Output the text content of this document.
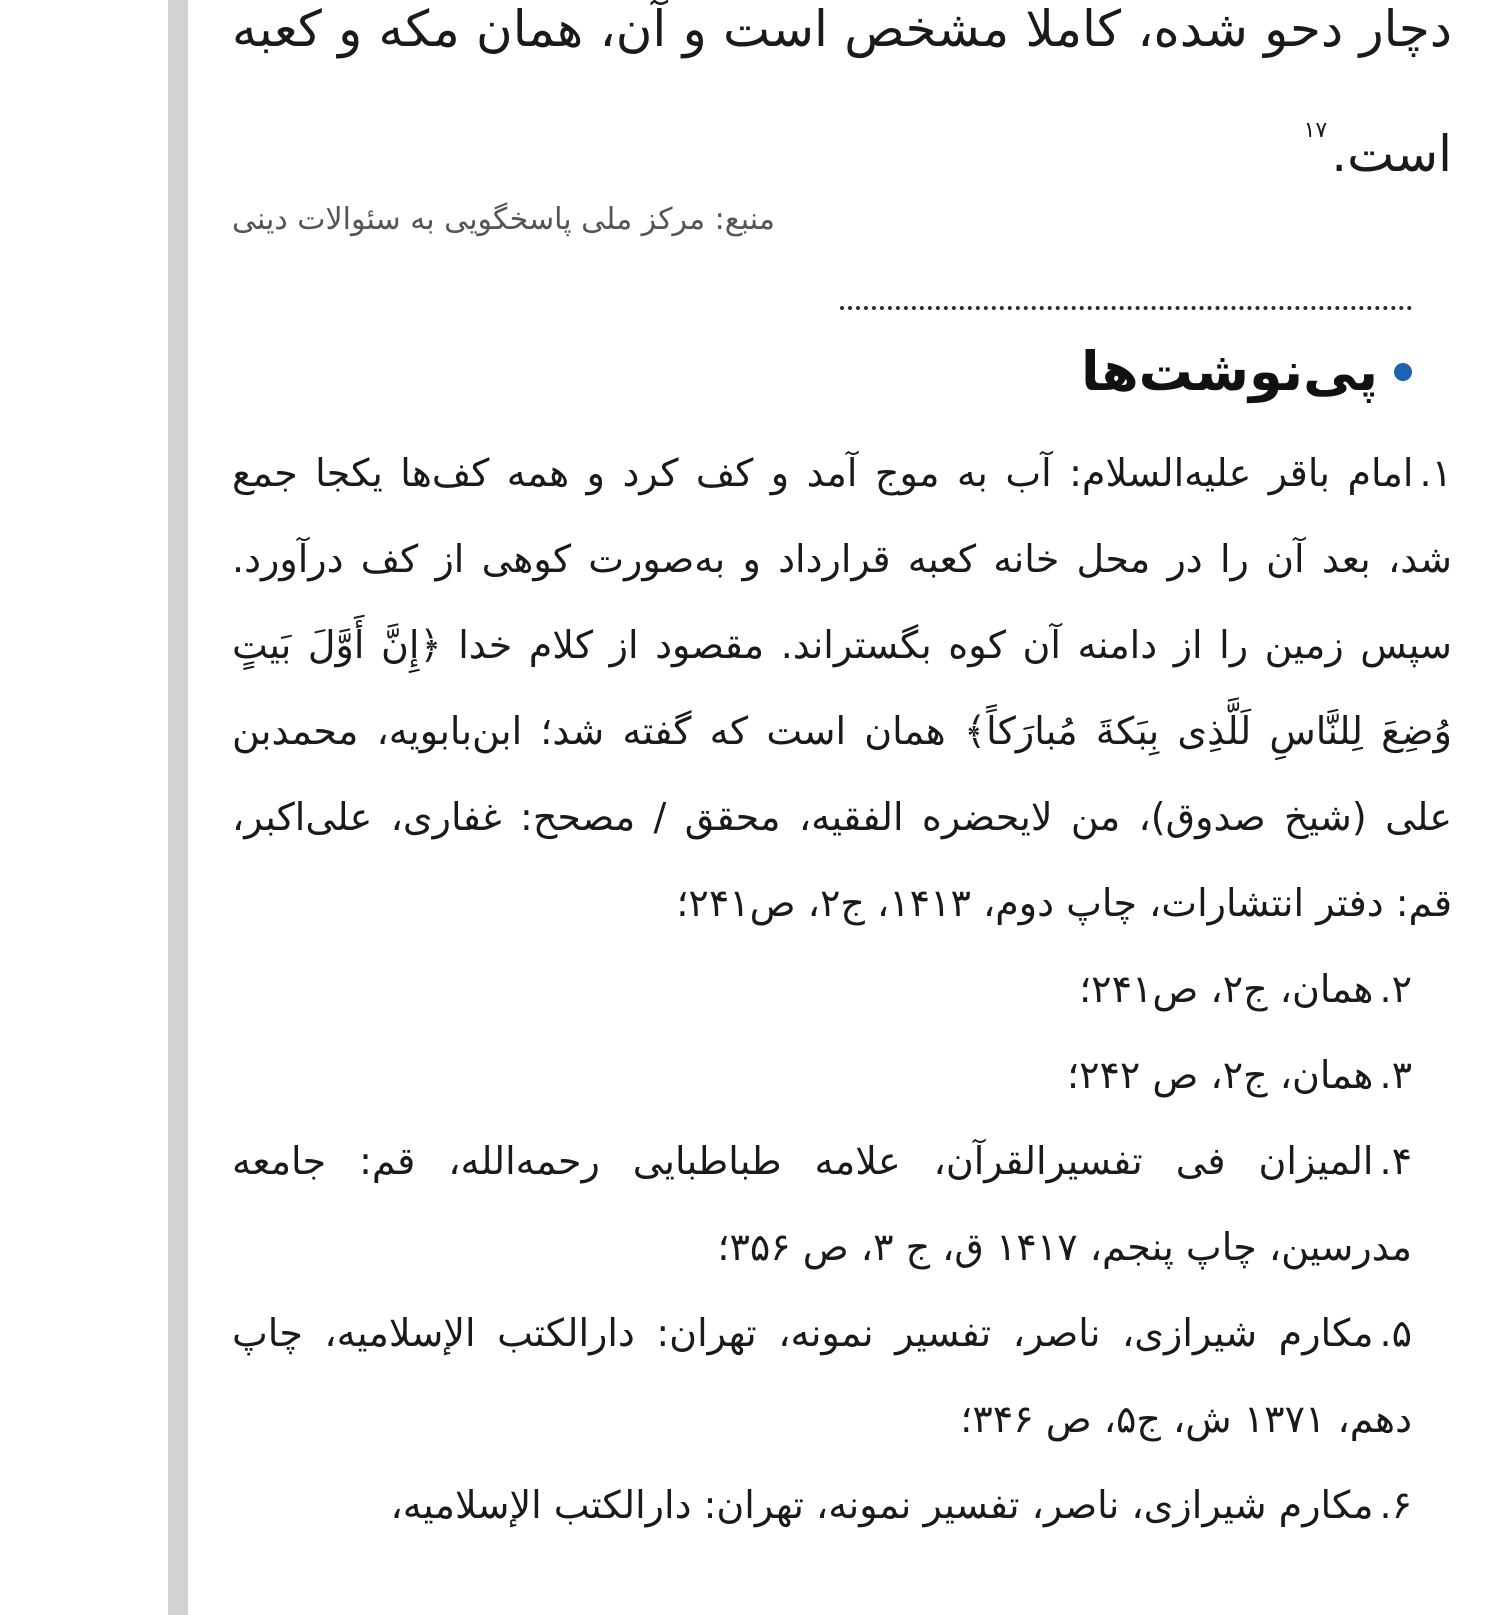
دچار دحو شده، کاملا مشخص است و آن، همان مکه و کعبه است.$^{۱۷}$

منبع: مرکز ملی پاسخگویی به سئوالات دینی
پی‌نوشت‌ها
۱.امام باقر علیه‌السلام: آب به موج آمد و کف کرد و همه کف‌ها یکجا جمع شد، بعد آن را در محل خانه کعبه قرارداد و به‌صورت کوهی از کف درآورد. سپس زمین را از دامنه آن کوه بگستراند. مقصود از کلام خدا ﴿إِنَّ أَوَّلَ بَیتٍ وُضِعَ لِلنَّاسِ لَلَّذِی بِبَکةَ مُبارَکاً﴾ همان است که گفته شد؛ ابن‌بابویه، محمدبن علی (شیخ صدوق)، من لایحضره الفقیه، محقق / مصحح: غفاری، علی‌اکبر، قم: دفتر انتشارات، چاپ دوم، ۱۴۱۳، ج۲، ص۲۴۱؛
۲.همان، ج۲، ص۲۴۱؛
۳.همان، ج۲، ص ۲۴۲؛
۴.المیزان فی تفسیرالقرآن، علامه طباطبایی رحمه‌الله، قم: جامعه مدرسین، چاپ پنجم، ۱۴۱۷ ق، ج ۳، ص ۳۵۶؛
۵.مکارم شیرازی، ناصر، تفسیر نمونه، تهران: دارالکتب الإسلامیه، چاپ دهم، ۱۳۷۱ ش، ج۵، ص ۳۴۶؛
۶.مکارم شیرازی، ناصر، تفسیر نمونه، تهران: دارالکتب الإسلامیه،
